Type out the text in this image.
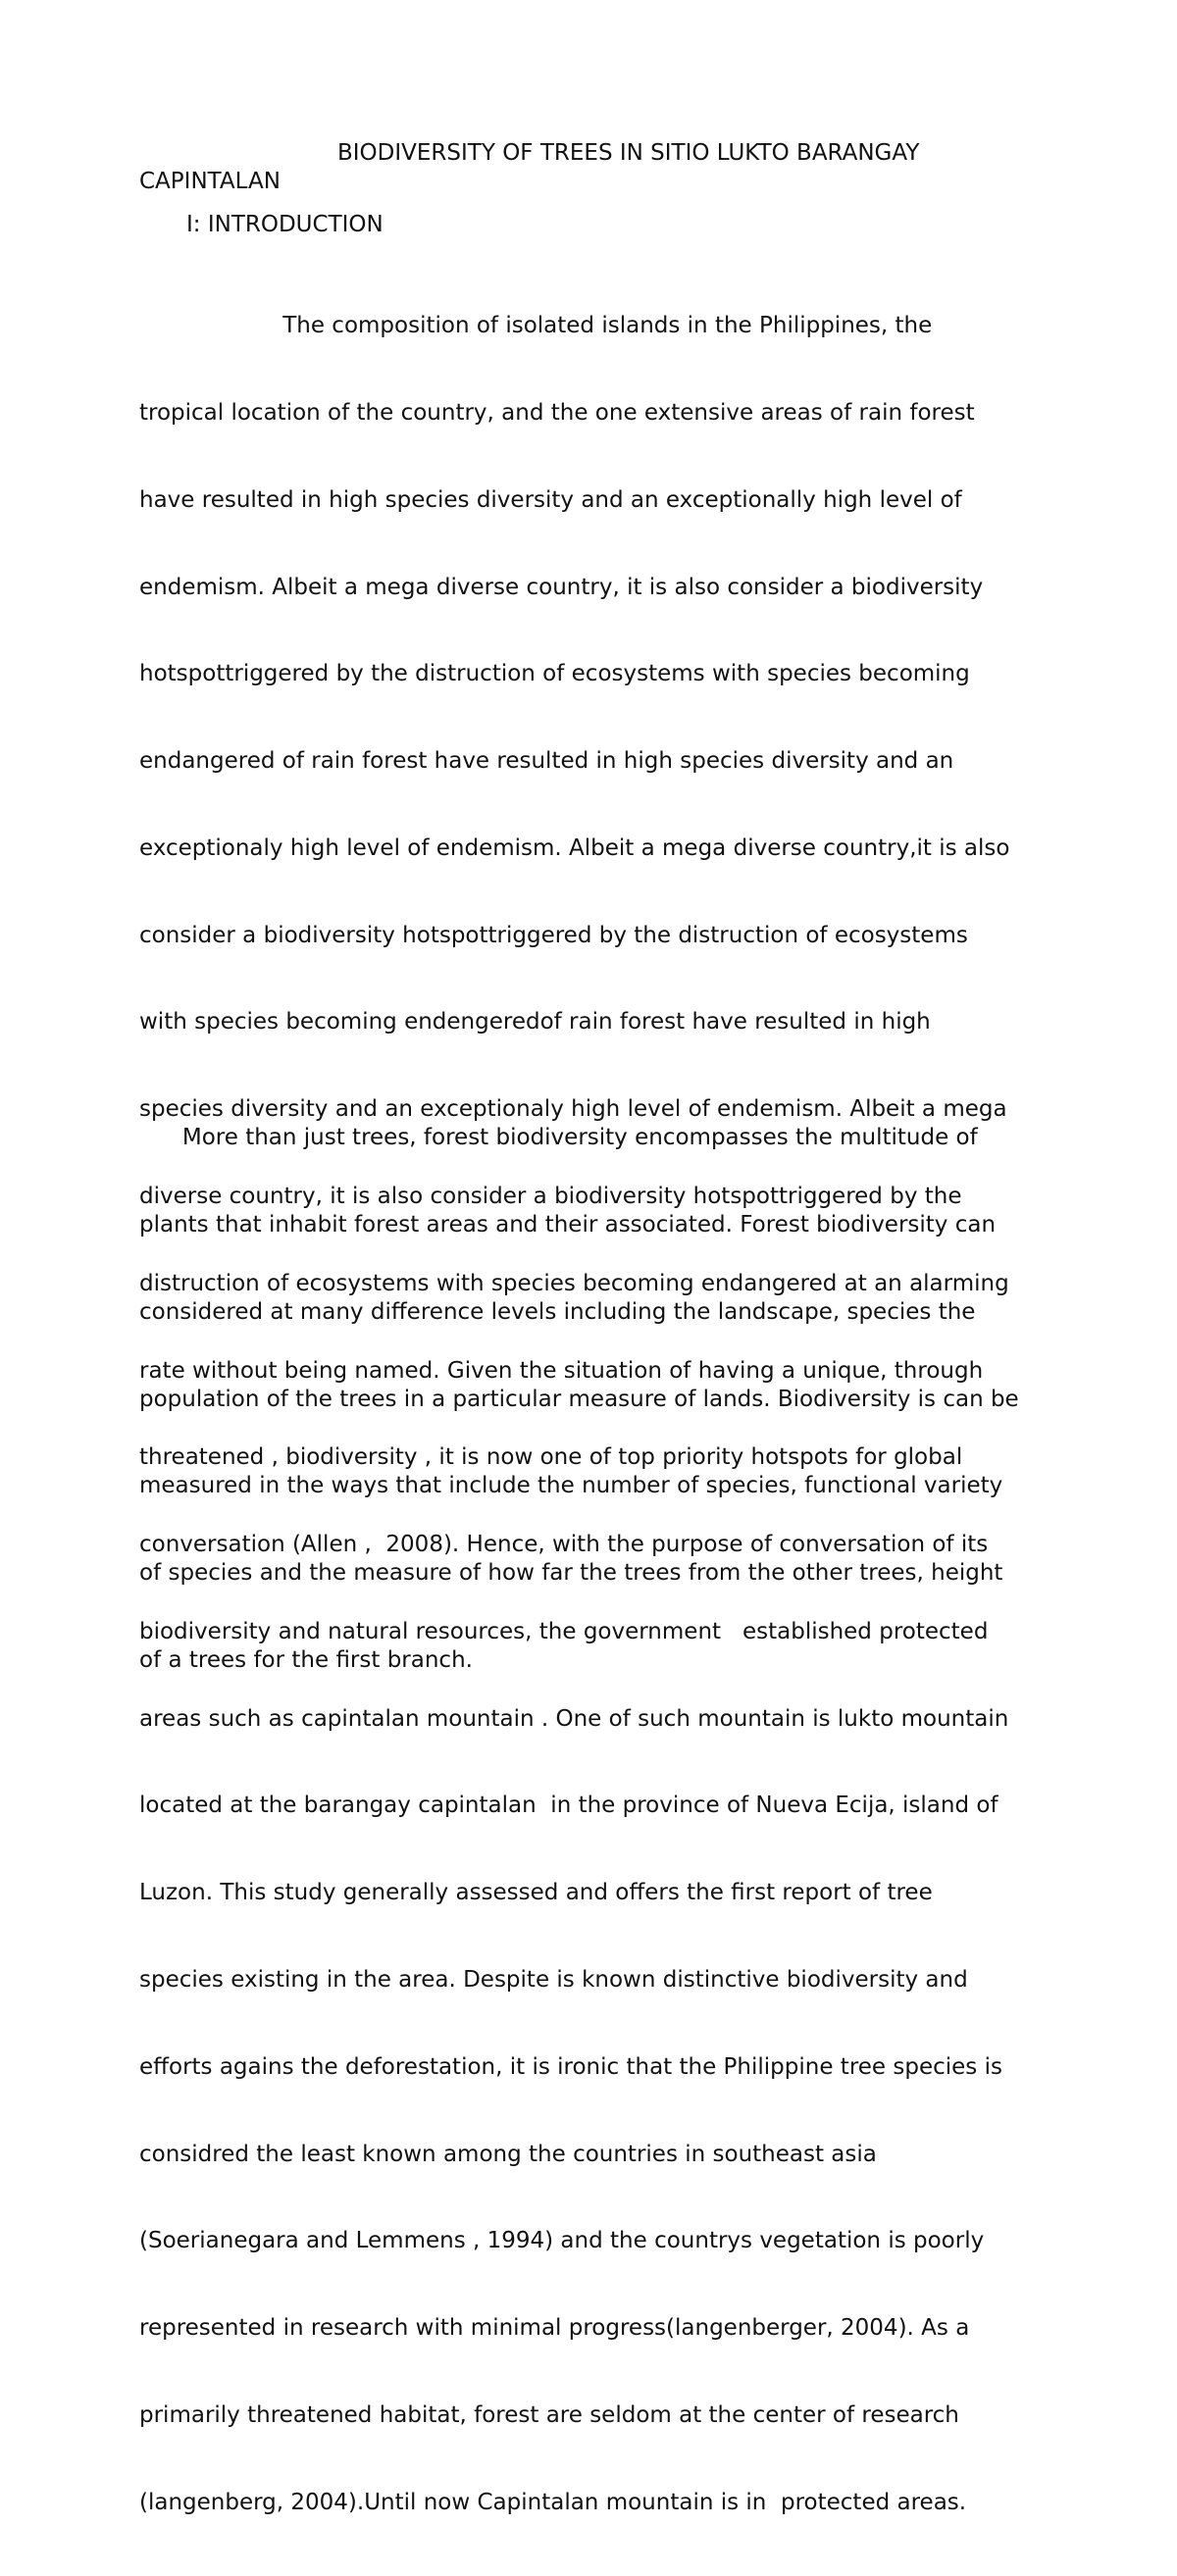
BIODIVERSITY OF TREES IN SITIO LUKTO BARANGAY

CAPINTALAN

I: INTRODUCTION

The composition of isolated islands in the Philippines, the

tropical location of the country, and the one extensive areas of rain forest

have resulted in high species diversity and an exceptionally high level of

endemism. Albeit a mega diverse country, it is also consider a biodiversity

hotspottriggered by the distruction of ecosystems with species becoming

endangered of rain forest have resulted in high species diversity and an

exceptionaly high level of endemism. Albeit a mega diverse country,it is also

consider a biodiversity hotspottriggered by the distruction of ecosystems

with species becoming endengeredof rain forest have resulted in high

species diversity and an exceptionaly high level of endemism. Albeit a mega

diverse country, it is also consider a biodiversity hotspottriggered by the

distruction of ecosystems with species becoming endangered at an alarming

rate without being named. Given the situation of having a unique, through

threatened , biodiversity , it is now one of top priority hotspots for global

conversation (Allen ,  2008). Hence, with the purpose of conversation of its

biodiversity and natural resources, the government   established protected

areas such as capintalan mountain . One of such mountain is lukto mountain

located at the barangay capintalan  in the province of Nueva Ecija, island of

Luzon. This study generally assessed and offers the first report of tree

species existing in the area. Despite is known distinctive biodiversity and

efforts agains the deforestation, it is ironic that the Philippine tree species is

considred the least known among the countries in southeast asia

(Soerianegara and Lemmens , 1994) and the countrys vegetation is poorly

represented in research with minimal progress(langenberger, 2004). As a

primarily threatened habitat, forest are seldom at the center of research

(langenberg, 2004).Until now Capintalan mountain is in  protected areas.

More than just trees, forest biodiversity encompasses the multitude of

plants that inhabit forest areas and their associated. Forest biodiversity can

considered at many difference levels including the landscape, species the

population of the trees in a particular measure of lands. Biodiversity is can be

measured in the ways that include the number of species, functional variety

of species and the measure of how far the trees from the other trees, height

of a trees for the first branch.
